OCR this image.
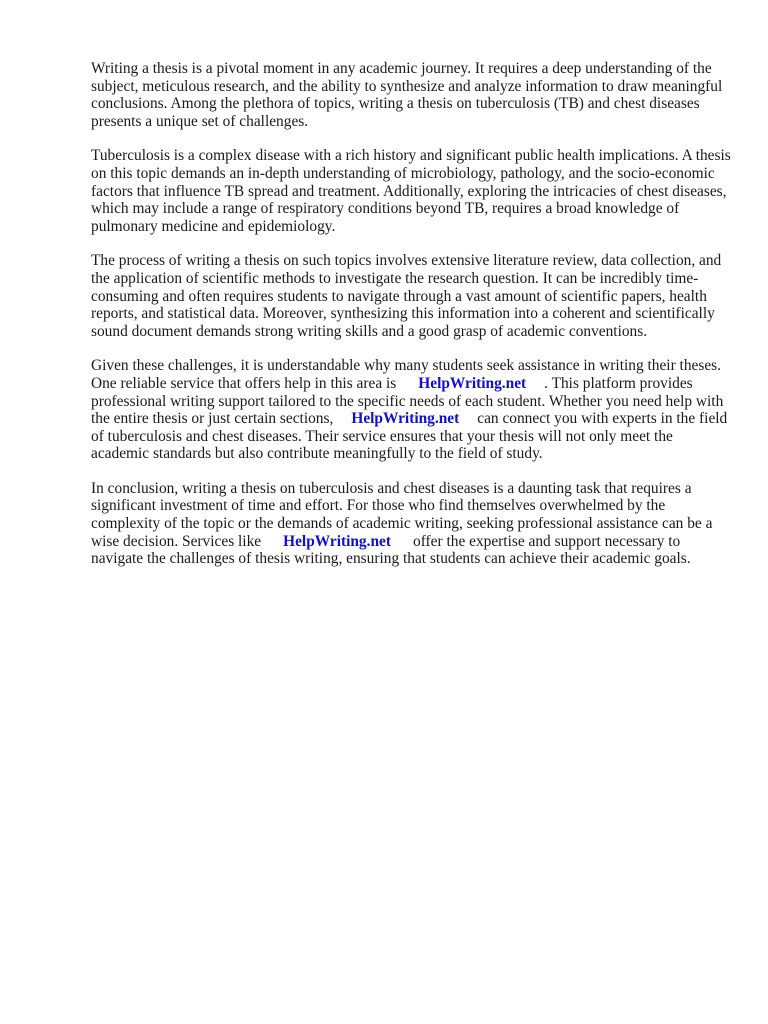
Writing a thesis is a pivotal moment in any academic journey. It requires a deep understanding of the subject, meticulous research, and the ability to synthesize and analyze information to draw meaningful conclusions. Among the plethora of topics, writing a thesis on tuberculosis (TB) and chest diseases presents a unique set of challenges.

Tuberculosis is a complex disease with a rich history and significant public health implications. A thesis on this topic demands an in-depth understanding of microbiology, pathology, and the socio-economic factors that influence TB spread and treatment. Additionally, exploring the intricacies of chest diseases, which may include a range of respiratory conditions beyond TB, requires a broad knowledge of pulmonary medicine and epidemiology.

The process of writing a thesis on such topics involves extensive literature review, data collection, and the application of scientific methods to investigate the research question. It can be incredibly time-consuming and often requires students to navigate through a vast amount of scientific papers, health reports, and statistical data. Moreover, synthesizing this information into a coherent and scientifically sound document demands strong writing skills and a good grasp of academic conventions.

Given these challenges, it is understandable why many students seek assistance in writing their theses. One reliable service that offers help in this area is HelpWriting.net . This platform provides professional writing support tailored to the specific needs of each student. Whether you need help with the entire thesis or just certain sections, HelpWriting.net can connect you with experts in the field of tuberculosis and chest diseases. Their service ensures that your thesis will not only meet the academic standards but also contribute meaningfully to the field of study.

In conclusion, writing a thesis on tuberculosis and chest diseases is a daunting task that requires a significant investment of time and effort. For those who find themselves overwhelmed by the complexity of the topic or the demands of academic writing, seeking professional assistance can be a wise decision. Services like HelpWriting.net offer the expertise and support necessary to navigate the challenges of thesis writing, ensuring that students can achieve their academic goals.
